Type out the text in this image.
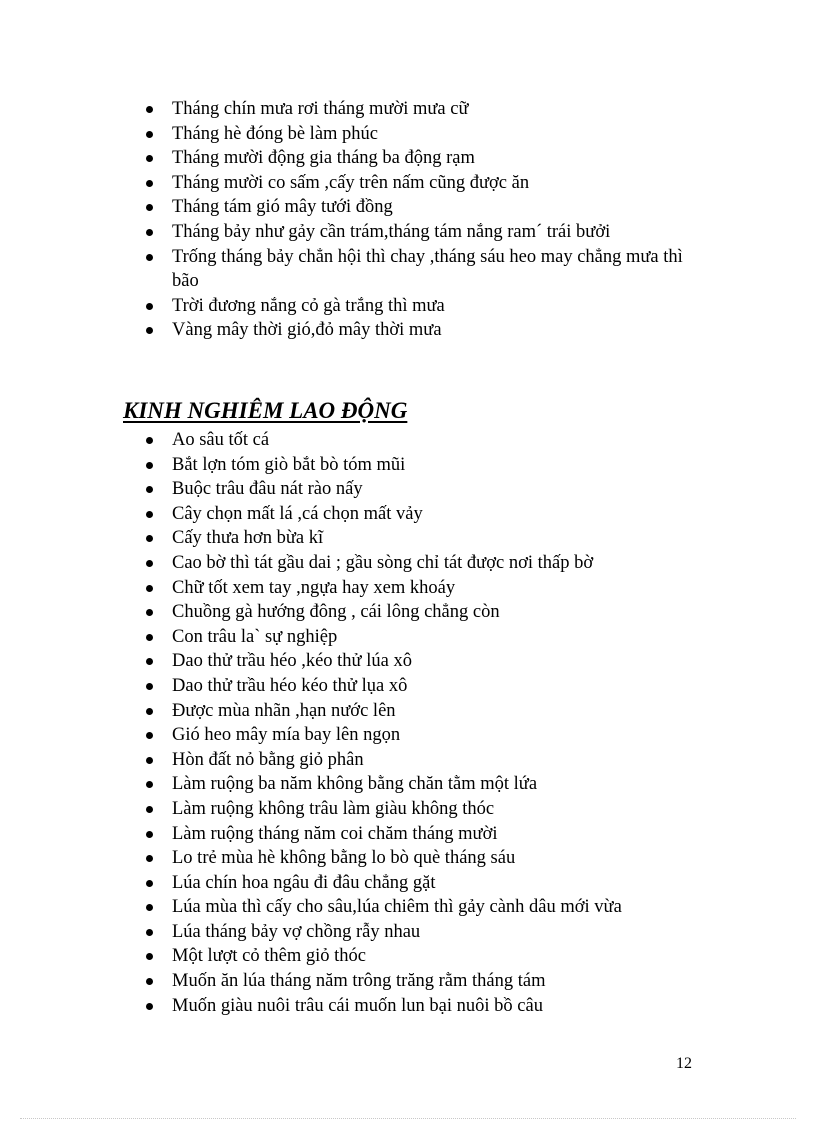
Tháng chín mưa rơi tháng mười mưa cữ
Tháng hè đóng bè làm phúc
Tháng mười động gia tháng ba động rạm
Tháng mười co sấm ,cấy trên nấm cũng được ăn
Tháng tám gió mây tưới đồng
Tháng bảy như gảy cần trám,tháng tám nắng ram´ trái bưởi
Trống tháng bảy chẳn hội thì chay ,tháng sáu heo may chẳng mưa thì bão
Trời đương nắng cỏ gà trắng thì mưa
Vàng mây thời gió,đỏ mây thời mưa
KINH NGHIÊM LAO ĐỘNG
Ao sâu tốt cá
Bắt lợn tóm giò bắt bò tóm mũi
Buộc trâu đâu nát rào nấy
Cây chọn mất lá ,cá chọn mất vảy
Cấy thưa hơn bừa kĩ
Cao bờ thì tát gầu dai ; gầu sòng chỉ tát được nơi thấp bờ
Chữ tốt xem tay ,ngựa hay xem khoáy
Chuồng gà hướng đông , cái lông chẳng còn
Con trâu la` sự nghiệp
Dao thử trầu héo ,kéo thử lúa xô
Dao thử trầu héo kéo thử lụa xô
Được mùa nhãn ,hạn nước lên
Gió heo mây mía bay lên ngọn
Hòn đất nỏ bằng giỏ phân
Làm ruộng ba năm không bằng chăn tằm một lứa
Làm ruộng không trâu làm giàu không thóc
Làm ruộng tháng năm coi chăm tháng mười
Lo trẻ mùa hè không bằng lo bò què tháng sáu
Lúa chín hoa ngâu đi đâu chẳng gặt
Lúa mùa thì cấy cho sâu,lúa chiêm thì gảy cành dâu mới vừa
Lúa tháng bảy vợ chồng rẫy nhau
Một lượt cỏ thêm giỏ thóc
Muốn ăn lúa tháng năm trông trăng rằm tháng tám
Muốn giàu nuôi trâu cái muốn lun bại nuôi bồ câu
12
